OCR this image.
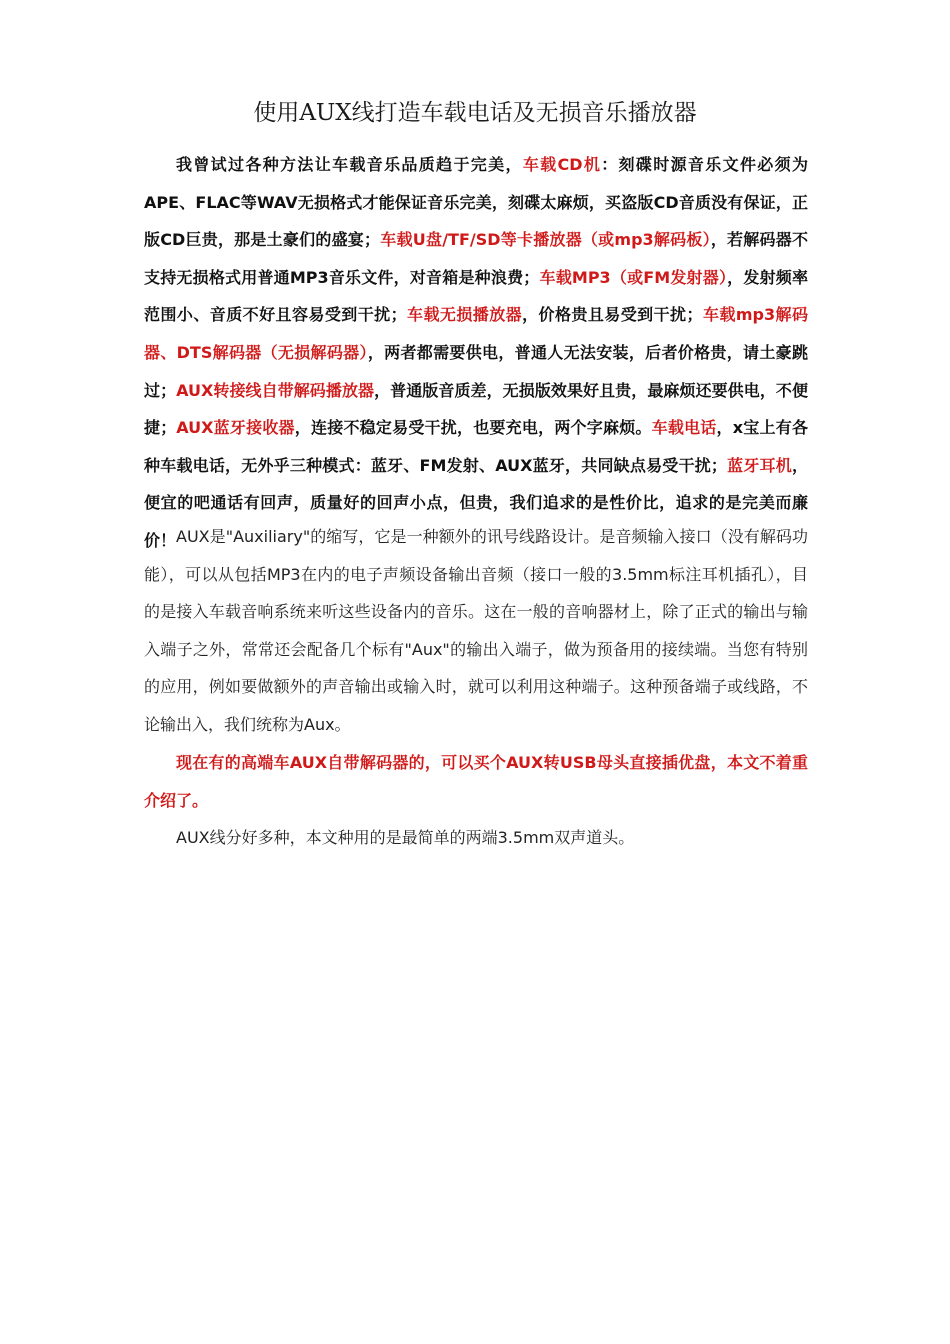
使用AUX线打造车载电话及无损音乐播放器

我曾试过各种方法让车载音乐品质趋于完美，车载CD机：刻碟时源音乐文件必须为APE、FLAC等WAV无损格式才能保证音乐完美，刻碟太麻烦，买盗版CD音质没有保证，正版CD巨贵，那是土豪们的盛宴；车载U盘/TF/SD等卡播放器（或mp3解码板），若解码器不支持无损格式用普通MP3音乐文件，对音箱是种浪费；车载MP3（或FM发射器），发射频率范围小、音质不好且容易受到干扰；车载无损播放器，价格贵且易受到干扰；车载mp3解码器、DTS解码器（无损解码器），两者都需要供电，普通人无法安装，后者价格贵，请土豪跳过；AUX转接线自带解码播放器，普通版音质差，无损版效果好且贵，最麻烦还要供电，不便捷；AUX蓝牙接收器，连接不稳定易受干扰，也要充电，两个字麻烦。车载电话，x宝上有各种车载电话，无外乎三种模式：蓝牙、FM发射、AUX蓝牙，共同缺点易受干扰；蓝牙耳机，便宜的吧通话有回声，质量好的回声小点，但贵，我们追求的是性价比，追求的是完美而廉价！ AUX是"Auxiliary"的缩写，它是一种额外的讯号线路设计。是音频输入接口（没有解码功能），可以从包括MP3在内的电子声频设备输出音频（接口一般的3.5mm标注耳机插孔），目的是接入车载音响系统来听这些设备内的音乐。这在一般的音响器材上，除了正式的输出与输入端子之外，常常还会配备几个标有"Aux"的输出入端子，做为预备用的接续端。当您有特别的应用，例如要做额外的声音输出或输入时，就可以利用这种端子。这种预备端子或线路，不论输出入，我们统称为Aux。

现在有的高端车AUX自带解码器的，可以买个AUX转USB母头直接插优盘，本文不着重介绍了。

AUX线分好多种，本文种用的是最简单的两端3.5mm双声道头。
